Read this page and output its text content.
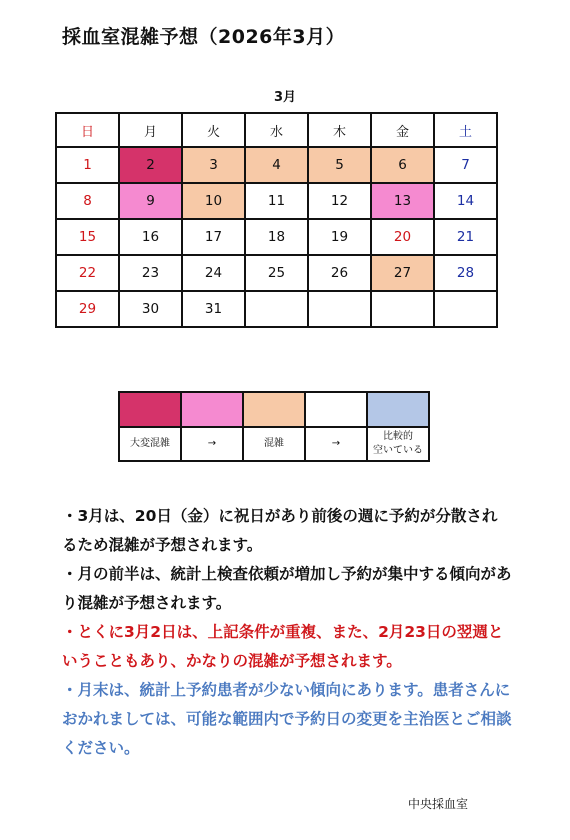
採血室混雑予想（2026年3月）
3月
日	月	火	水	木	金	土
1	2	3	4	5	6	7
8	9	10	11	12	13	14
15	16	17	18	19	20	21
22	23	24	25	26	27	28
29	30	31				

大変混雑	→	混雑	→	比較的
空いている

・3月は、20日（金）に祝日があり前後の週に予約が分散されるため混雑が予想されます。

・月の前半は、統計上検査依頼が増加し予約が集中する傾向があり混雑が予想されます。

・とくに3月2日は、上記条件が重複、また、2月23日の翌週ということもあり、かなりの混雑が予想されます。

・月末は、統計上予約患者が少ない傾向にあります。患者さんにおかれましては、可能な範囲内で予約日の変更を主治医とご相談ください。

中央採血室
